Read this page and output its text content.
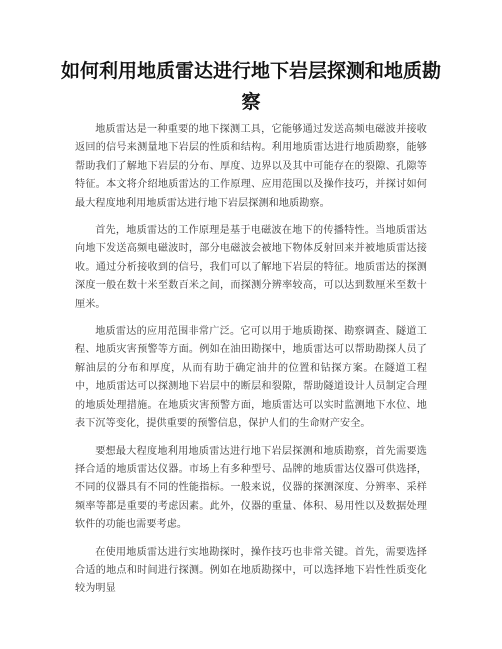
如何利用地质雷达进行地下岩层探测和地质勘察

地质雷达是一种重要的地下探测工具，它能够通过发送高频电磁波并接收返回的信号来测量地下岩层的性质和结构。利用地质雷达进行地质勘察，能够帮助我们了解地下岩层的分布、厚度、边界以及其中可能存在的裂隙、孔隙等特征。本文将介绍地质雷达的工作原理、应用范围以及操作技巧，并探讨如何最大程度地利用地质雷达进行地下岩层探测和地质勘察。

首先，地质雷达的工作原理是基于电磁波在地下的传播特性。当地质雷达向地下发送高频电磁波时，部分电磁波会被地下物体反射回来并被地质雷达接收。通过分析接收到的信号，我们可以了解地下岩层的特征。地质雷达的探测深度一般在数十米至数百米之间，而探测分辨率较高，可以达到数厘米至数十厘米。

地质雷达的应用范围非常广泛。它可以用于地质勘探、勘察调查、隧道工程、地质灾害预警等方面。例如在油田勘探中，地质雷达可以帮助勘探人员了解油层的分布和厚度，从而有助于确定油井的位置和钻探方案。在隧道工程中，地质雷达可以探测地下岩层中的断层和裂隙，帮助隧道设计人员制定合理的地质处理措施。在地质灾害预警方面，地质雷达可以实时监测地下水位、地表下沉等变化，提供重要的预警信息，保护人们的生命财产安全。

要想最大程度地利用地质雷达进行地下岩层探测和地质勘察，首先需要选择合适的地质雷达仪器。市场上有多种型号、品牌的地质雷达仪器可供选择，不同的仪器具有不同的性能指标。一般来说，仪器的探测深度、分辨率、采样频率等都是重要的考虑因素。此外，仪器的重量、体积、易用性以及数据处理软件的功能也需要考虑。

在使用地质雷达进行实地勘探时，操作技巧也非常关键。首先，需要选择合适的地点和时间进行探测。例如在地质勘探中，可以选择地下岩性性质变化较为明显
